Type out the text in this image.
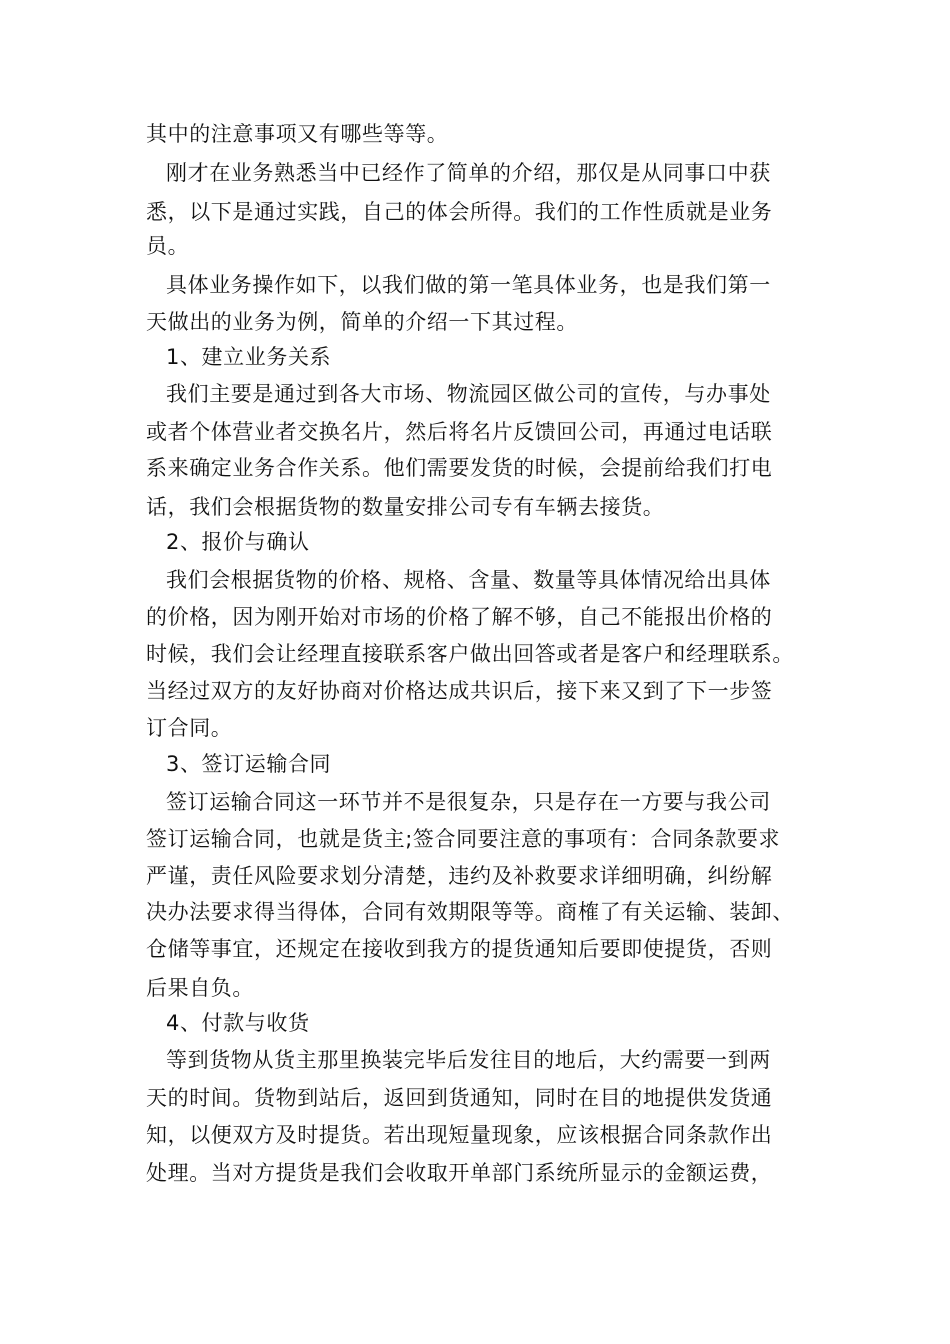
其中的注意事项又有哪些等等。
刚才在业务熟悉当中已经作了简单的介绍，那仅是从同事口中获
悉，以下是通过实践，自己的体会所得。我们的工作性质就是业务
员。
具体业务操作如下，以我们做的第一笔具体业务，也是我们第一
天做出的业务为例，简单的介绍一下其过程。
1、建立业务关系
我们主要是通过到各大市场、物流园区做公司的宣传，与办事处
或者个体营业者交换名片，然后将名片反馈回公司，再通过电话联
系来确定业务合作关系。他们需要发货的时候，会提前给我们打电
话，我们会根据货物的数量安排公司专有车辆去接货。
2、报价与确认
我们会根据货物的价格、规格、含量、数量等具体情况给出具体
的价格，因为刚开始对市场的价格了解不够，自己不能报出价格的
时候，我们会让经理直接联系客户做出回答或者是客户和经理联系。
当经过双方的友好协商对价格达成共识后，接下来又到了下一步签
订合同。
3、签订运输合同
签订运输合同这一环节并不是很复杂，只是存在一方要与我公司
签订运输合同，也就是货主;签合同要注意的事项有：合同条款要求
严谨，责任风险要求划分清楚，违约及补救要求详细明确，纠纷解
决办法要求得当得体，合同有效期限等等。商榷了有关运输、装卸、
仓储等事宜，还规定在接收到我方的提货通知后要即使提货，否则
后果自负。
4、付款与收货
等到货物从货主那里换装完毕后发往目的地后，大约需要一到两
天的时间。货物到站后，返回到货通知，同时在目的地提供发货通
知，以便双方及时提货。若出现短量现象，应该根据合同条款作出
处理。当对方提货是我们会收取开单部门系统所显示的金额运费，
